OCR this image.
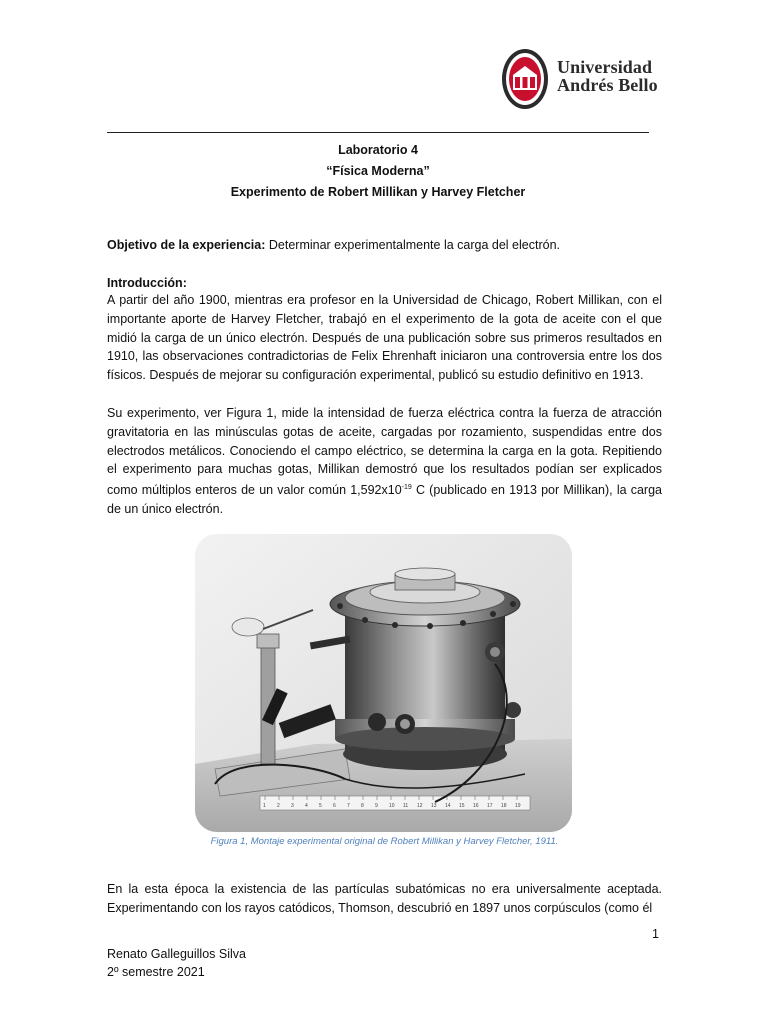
Universidad
Andrés Bello
Laboratorio 4
“Física Moderna”
Experimento de Robert Millikan y Harvey Fletcher
Objetivo de la experiencia: Determinar experimentalmente la carga del electrón.
Introducción:
A partir del año 1900, mientras era profesor en la Universidad de Chicago, Robert Millikan, con el importante aporte de Harvey Fletcher, trabajó en el experimento de la gota de aceite con el que midió la carga de un único electrón. Después de una publicación sobre sus primeros resultados en 1910, las observaciones contradictorias de Felix Ehrenhaft iniciaron una controversia entre los dos físicos. Después de mejorar su configuración experimental, publicó su estudio definitivo en 1913.
Su experimento, ver Figura 1, mide la intensidad de fuerza eléctrica contra la fuerza de atracción gravitatoria en las minúsculas gotas de aceite, cargadas por rozamiento, suspendidas entre dos electrodos metálicos. Conociendo el campo eléctrico, se determina la carga en la gota. Repitiendo el experimento para muchas gotas, Millikan demostró que los resultados podían ser explicados como múltiplos enteros de un valor común $1,592x10^{-19}$ C (publicado en 1913 por Millikan), la carga de un único electrón.
1 2 3 4 5 6 7 8 9 10 11 12 13 14 15 16 17 18 19
Figura 1, Montaje experimental original de Robert Millikan y Harvey Fletcher, 1911.
En la esta época la existencia de las partículas subatómicas no era universalmente aceptada. Experimentando con los rayos catódicos, Thomson, descubrió en 1897 unos corpúsculos (como él
1
Renato Galleguillos Silva
2º semestre 2021
